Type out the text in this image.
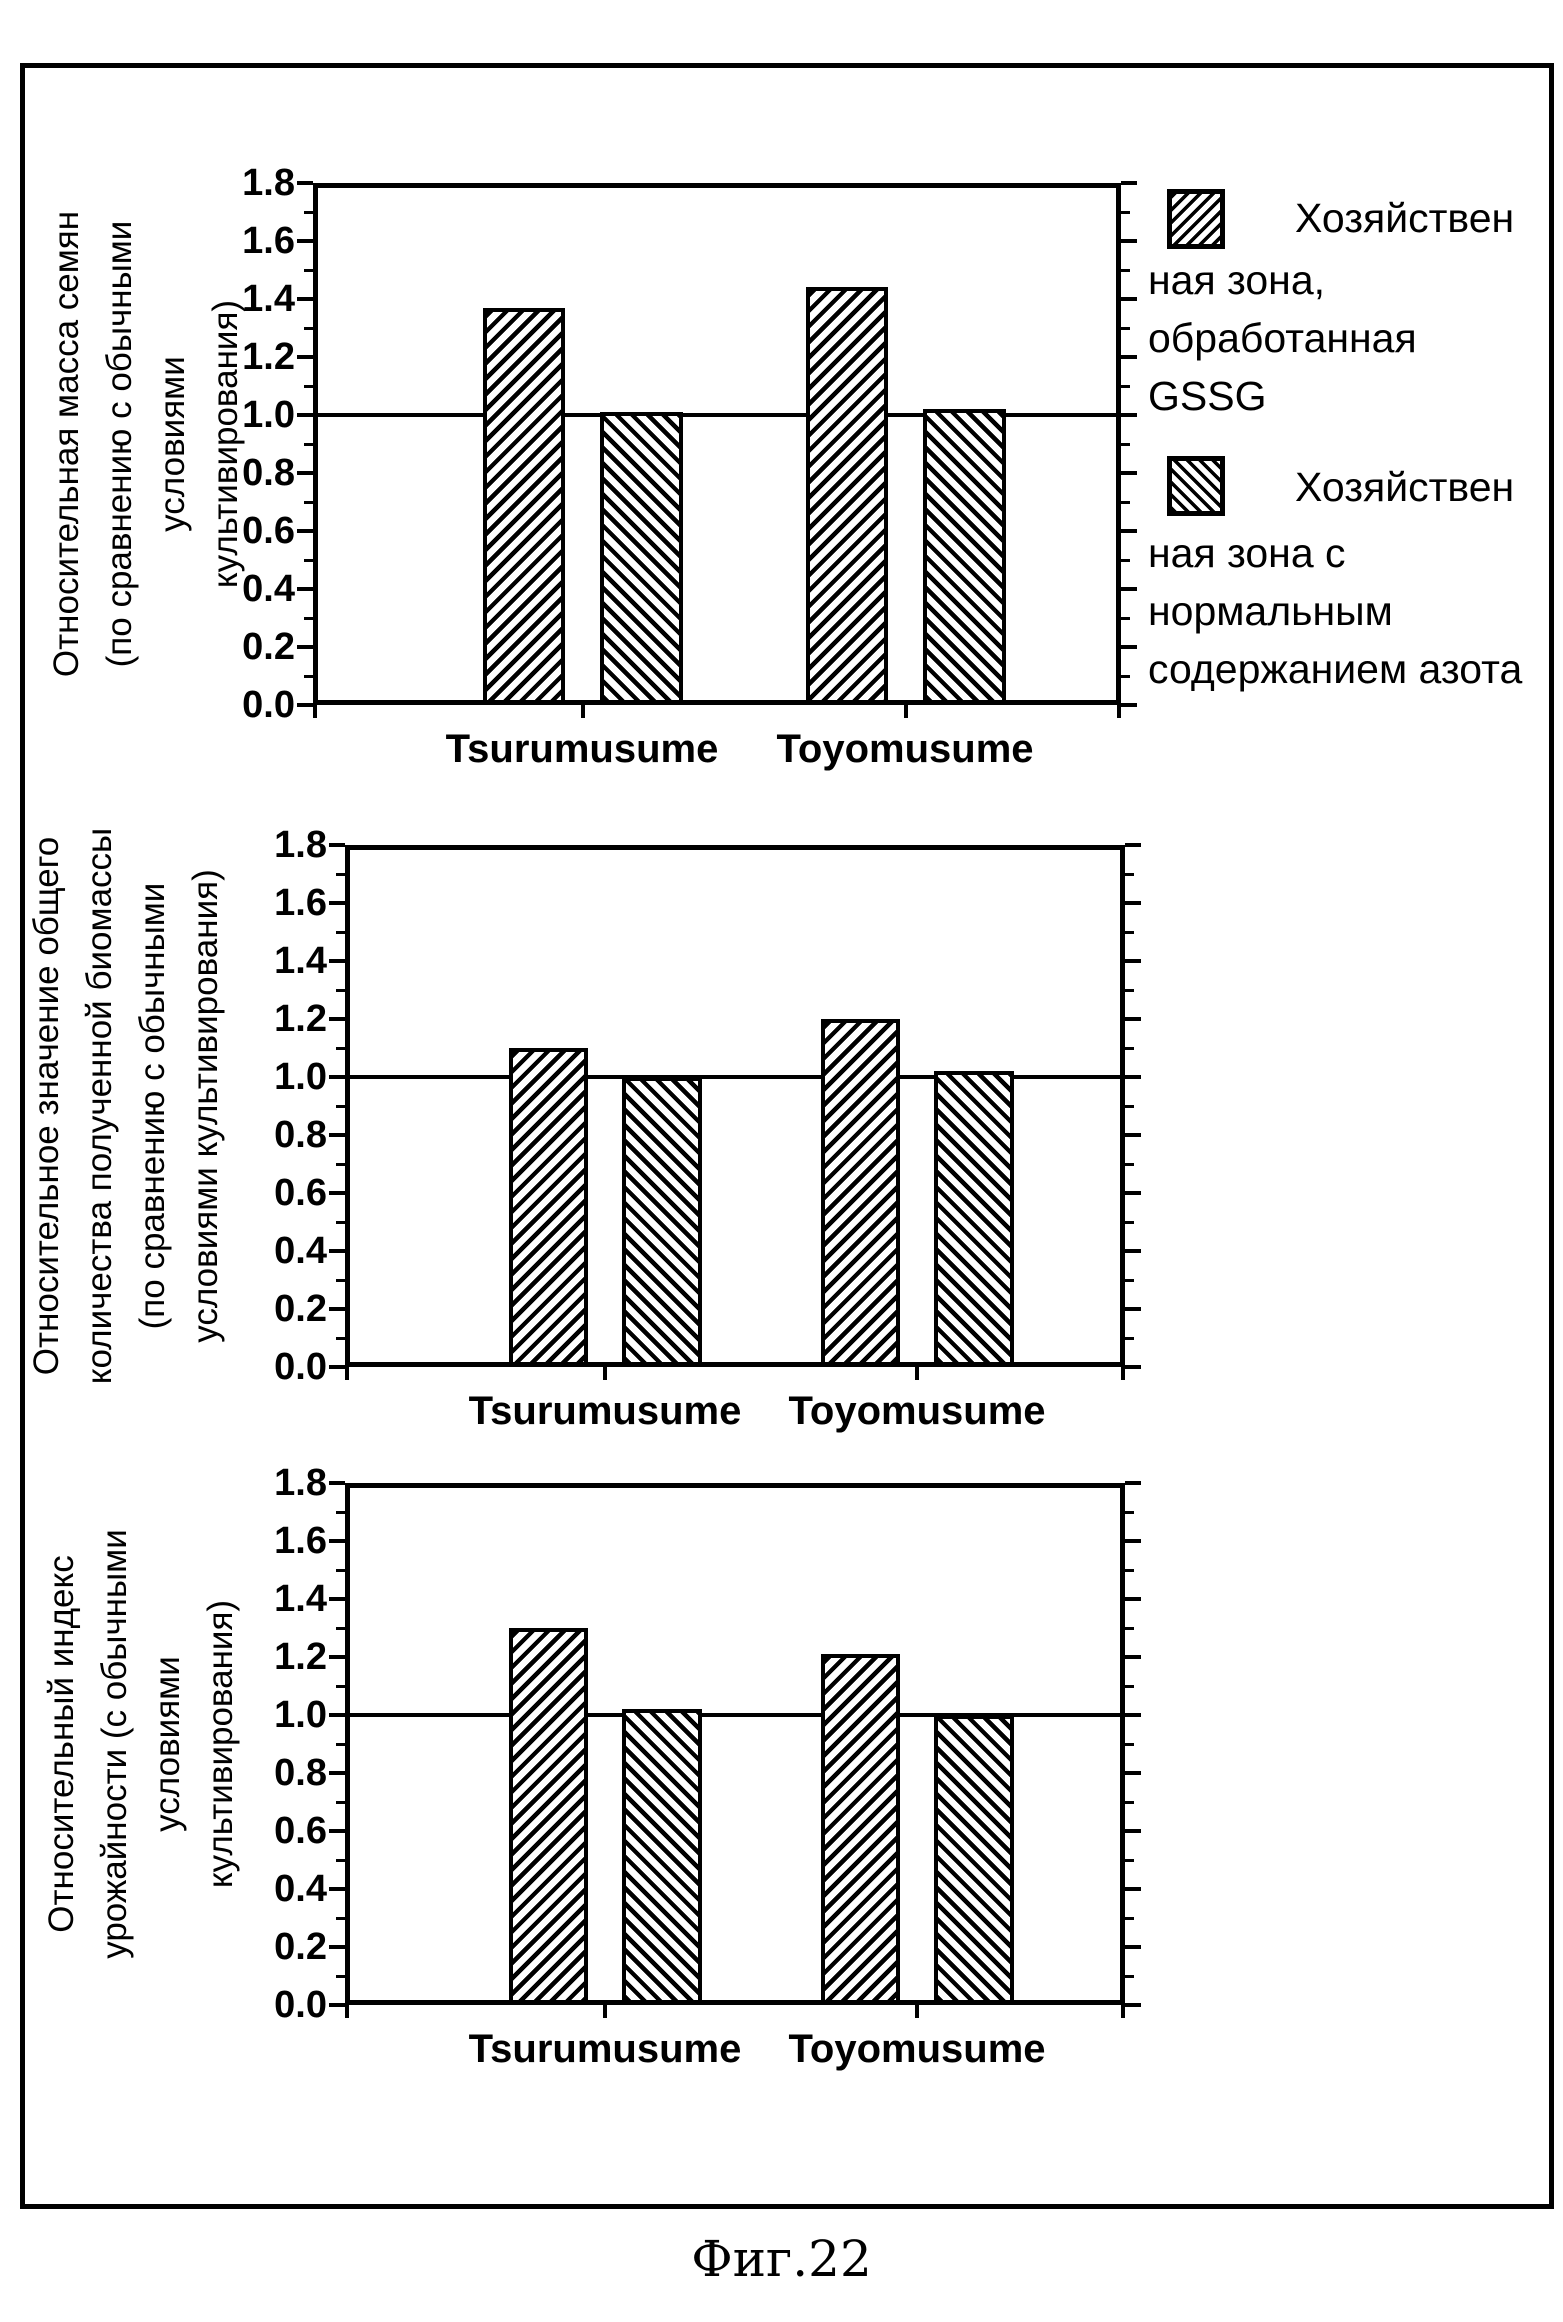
Относительная масса семян (по сравнению с обычными условиями культивирования)
Tsurumusume	Toyomusume
1.8
1.6
1.4
1.2
1.0
0.8
0.6
0.4
0.2
0.0
Относительное значение общего количества полученной биомассы (по сравнению с обычными условиями культивирования)
Tsurumusume	Toyomusume
1.8
1.6
1.4
1.2
1.0
0.8
0.6
0.4
0.2
0.0
Относительный индекс урожайности (с обычными условиями культивирования)
Tsurumusume	Toyomusume
1.8
1.6
1.4
1.2
1.0
0.8
0.6
0.4
0.2
0.0
Хозяйствен
ная зона,
обработанная
GSSG
Хозяйствен
ная зона с
нормальным
содержанием азота
Фиг.22
